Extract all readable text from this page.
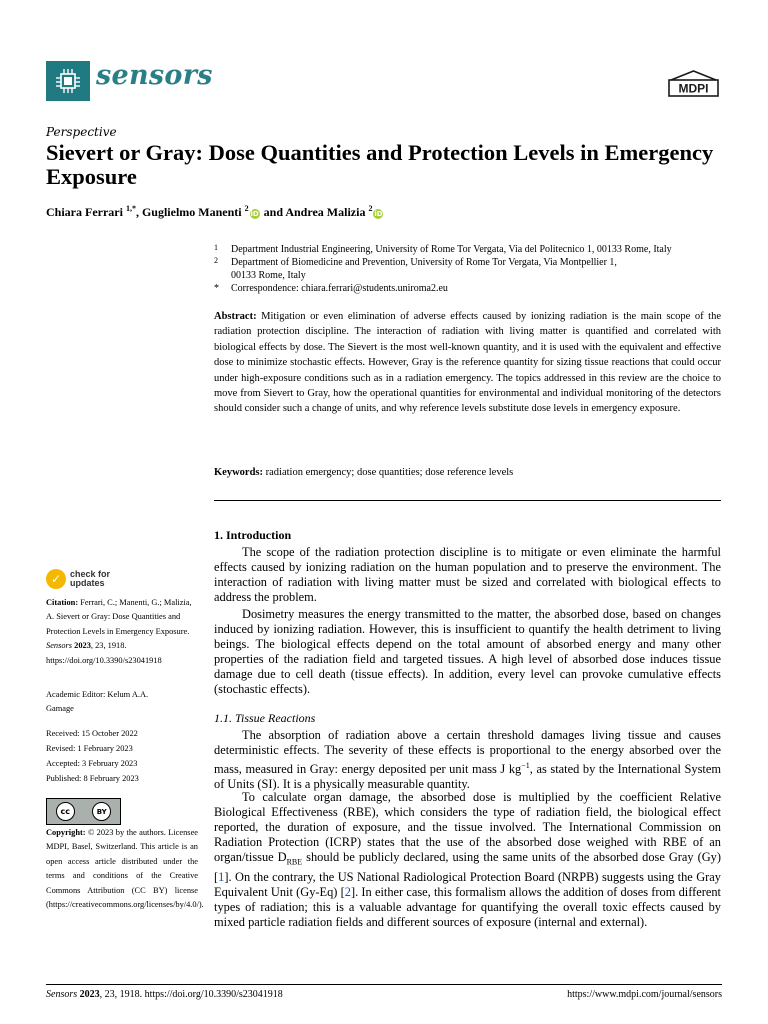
sensors	MDPI
Perspective
Sievert or Gray: Dose Quantities and Protection Levels in Emergency Exposure
Chiara Ferrari $^{1,*}$, Guglielmo Manenti $^2$iD and Andrea Malizia $^2$iD
1 Department Industrial Engineering, University of Rome Tor Vergata, Via del Politecnico 1, 00133 Rome, Italy
2 Department of Biomedicine and Prevention, University of Rome Tor Vergata, Via Montpellier 1,
00133 Rome, Italy
* Correspondence: chiara.ferrari@students.uniroma2.eu
Abstract: Mitigation or even elimination of adverse effects caused by ionizing radiation is the main scope of the radiation protection discipline. The interaction of radiation with living matter is quantified and correlated with biological effects by dose. The Sievert is the most well-known quantity, and it is used with the equivalent and effective dose to minimize stochastic effects. However, Gray is the reference quantity for sizing tissue reactions that could occur under high-exposure conditions such as in a radiation emergency. The topics addressed in this review are the choice to move from Sievert to Gray, how the operational quantities for environmental and individual monitoring of the detectors should consider such a change of units, and why reference levels substitute dose levels in emergency exposure.
Keywords: radiation emergency; dose quantities; dose reference levels
1. Introduction
The scope of the radiation protection discipline is to mitigate or even eliminate the harmful effects caused by ionizing radiation on the human population and to preserve the environment. The interaction of radiation with living matter must be sized and correlated with biological effects to address the problem.
Dosimetry measures the energy transmitted to the matter, the absorbed dose, based on changes induced by ionizing radiation. However, this is insufficient to quantify the health detriment to living beings. The biological effects depend on the total amount of absorbed energy and many other properties of the radiation field and targeted tissues. A high level of absorbed dose induces tissue damage due to cell death (tissue effects). In addition, every level can provoke cumulative effects (stochastic effects).
1.1. Tissue Reactions
The absorption of radiation above a certain threshold damages living tissue and causes deterministic effects. The severity of these effects is proportional to the energy absorbed over the mass, measured in Gray: energy deposited per unit mass J $kg^{-1}$, as stated by the International System of Units (SI). It is a physically measurable quantity.
To calculate organ damage, the absorbed dose is multiplied by the coefficient Relative Biological Effectiveness (RBE), which considers the type of radiation field, the biological effect reported, the duration of exposure, and the tissue involved. The International Commission on Radiation Protection (ICRP) states that the use of the absorbed dose weighed with RBE of an organ/tissue $D_{RBE}$ should be publicly declared, using the same units of the absorbed dose Gray (Gy) [1]. On the contrary, the US National Radiological Protection Board (NRPB) suggests using the Gray Equivalent Unit (Gy-Eq) [2]. In either case, this formalism allows the addition of doses from different types of radiation; this is a valuable advantage for quantifying the overall toxic effects caused by mixed particle radiation fields and different sources of exposure (internal and external).
✓ check for
updates
Citation: Ferrari, C.; Manenti, G.; Malizia, A. Sievert or Gray: Dose Quantities and Protection Levels in Emergency Exposure. Sensors 2023, 23, 1918. https://doi.org/10.3390/s23041918
Academic Editor: Kelum A.A. Gamage
Received: 15 October 2022
Revised: 1 February 2023
Accepted: 3 February 2023
Published: 8 February 2023
cc	BY
Copyright: © 2023 by the authors. Licensee MDPI, Basel, Switzerland. This article is an open access article distributed under the terms and conditions of the Creative Commons Attribution (CC BY) license (https://creativecommons.org/licenses/by/4.0/).
Sensors 2023, 23, 1918. https://doi.org/10.3390/s23041918	https://www.mdpi.com/journal/sensors
